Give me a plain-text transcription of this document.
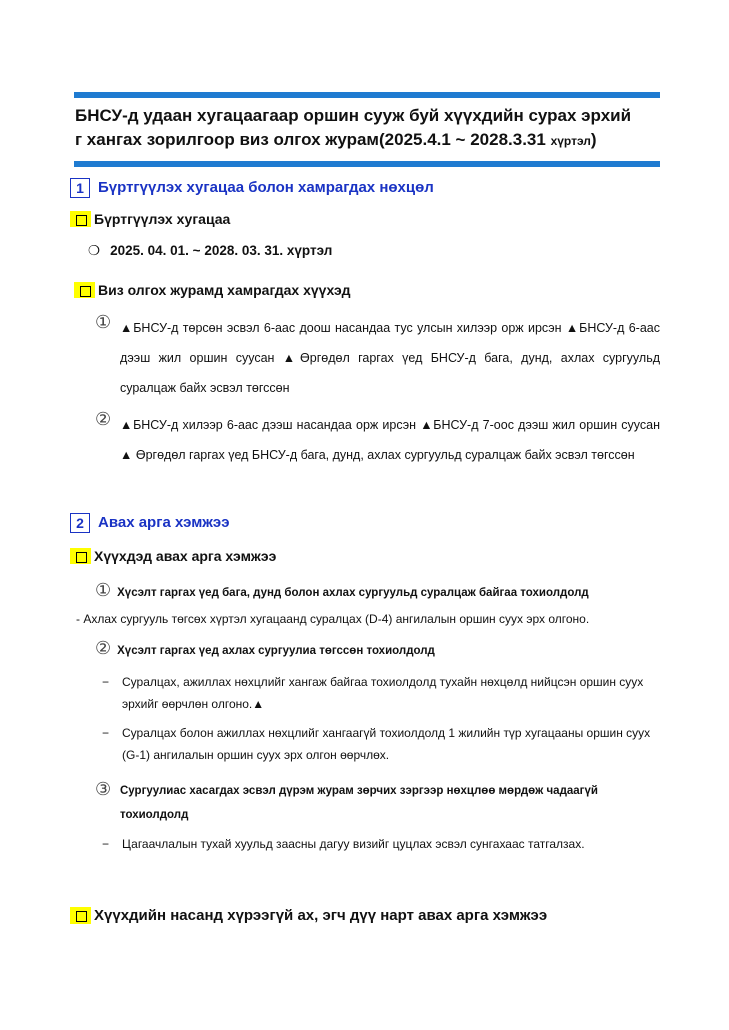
БНСУ-д удаан хугацаагаар оршин сууж буй хүүхдийн сурах эрхий
г хангах зорилгоор виз олгох журам(2025.4.1 ~ 2028.3.31 хүртэл)
1 Бүртгүүлэх хугацаа болон хамрагдах нөхцөл
Бүртгүүлэх хугацаа
❍ 2025. 04. 01. ~ 2028. 03. 31. хүртэл
Виз олгох журамд хамрагдах хүүхэд
① ▲БНСУ-д төрсөн эсвэл 6-аас доош насандаа тус улсын хилээр орж ирсэн ▲БНСУ-д 6-аас дээш жил оршин суусан ▲Өргөдөл гаргах үед БНСУ-д бага, дунд, ахлах сургуульд суралцаж байх эсвэл төгссөн
② ▲БНСУ-д хилээр 6-аас дээш насандаа орж ирсэн ▲БНСУ-д 7-оос дээш жил оршин суусан ▲ Өргөдөл гаргах үед БНСУ-д бага, дунд, ахлах сургуульд суралцаж байх эсвэл төгссөн
2 Авах арга хэмжээ
Хүүхдэд авах арга хэмжээ
① Хүсэлт гаргах үед бага, дунд болон ахлах сургуульд суралцаж байгаа тохиолдолд
- Ахлах сургууль төгсөх хүртэл хугацаанд суралцах (D-4) ангилалын оршин суух эрх олгоно.
② Хүсэлт гаргах үед ахлах сургуулиа төгссөн тохиолдолд
− Суралцах, ажиллах нөхцлийг хангаж байгаа тохиолдолд тухайн нөхцөлд нийцсэн оршин суух эрхийг өөрчлөн олгоно.▲
− Суралцах болон ажиллах нөхцлийг хангаагүй тохиолдолд 1 жилийн түр хугацааны оршин суух (G-1) ангилалын оршин суух эрх олгон өөрчлөх.
③ Сургуулиас хасагдах эсвэл дүрэм журам зөрчих зэргээр нөхцлөө мөрдөж чадаагүй тохиолдолд
− Цагаачлалын тухай хуульд заасны дагуу визийг цуцлах эсвэл сунгахаас татгалзах.
Хүүхдийн насанд хүрээгүй ах, эгч дүү нарт авах арга хэмжээ
